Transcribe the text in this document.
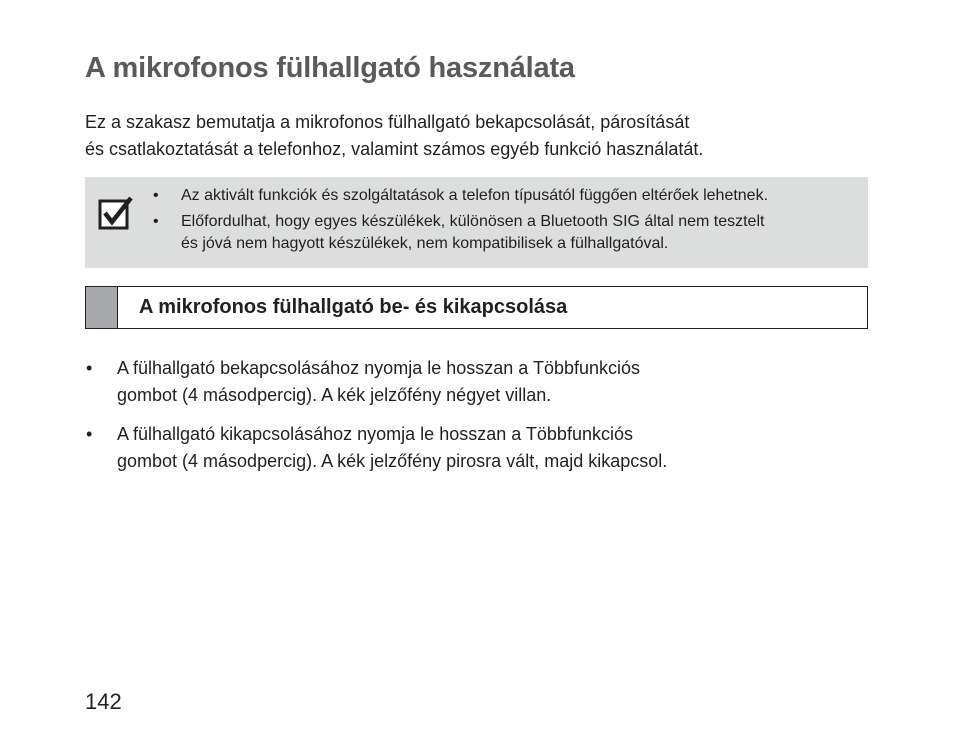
A mikrofonos fülhallgató használata

Ez a szakasz bemutatja a mikrofonos fülhallgató bekapcsolását, párosítását
és csatlakoztatását a telefonhoz, valamint számos egyéb funkció használatát.

• Az aktivált funkciók és szolgáltatások a telefon típusától függően eltérőek lehetnek.
• Előfordulhat, hogy egyes készülékek, különösen a Bluetooth SIG által nem tesztelt
és jóvá nem hagyott készülékek, nem kompatibilisek a fülhallgatóval.
A mikrofonos fülhallgató be- és kikapcsolása
• A fülhallgató bekapcsolásához nyomja le hosszan a Többfunkciós
gombot (4 másodpercig). A kék jelzőfény négyet villan.
• A fülhallgató kikapcsolásához nyomja le hosszan a Többfunkciós
gombot (4 másodpercig). A kék jelzőfény pirosra vált, majd kikapcsol.

142
